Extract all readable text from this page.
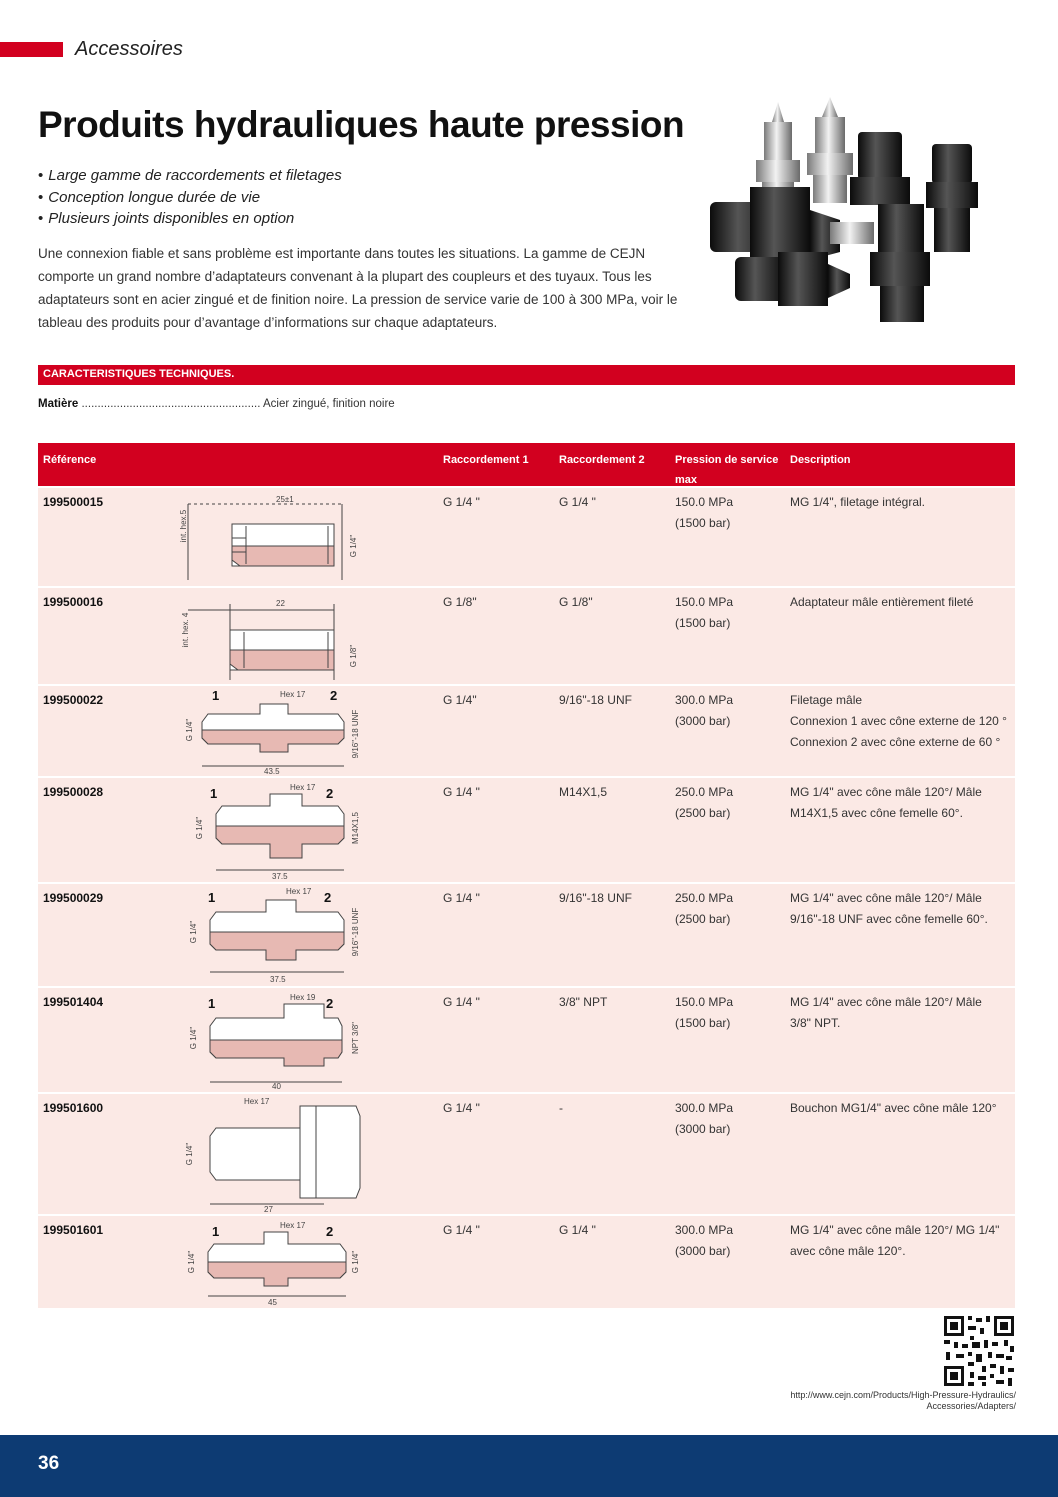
Accessoires
Produits hydrauliques haute pression
• Large gamme de raccordements et filetages
• Conception longue durée de vie
• Plusieurs joints disponibles en option

Une connexion fiable et sans problème est importante dans toutes les situations. La gamme de CEJN comporte un grand nombre d’adaptateurs convenant à la plupart des coupleurs et des tuyaux. Tous les adaptateurs sont en acier zingué et de finition noire. La pression de service varie de 100 à 300 MPa, voir le tableau des produits pour d’avantage d’informations sur chaque adaptateurs.

CARACTERISTIQUES TECHNIQUES.
Matière ........................................................ Acier zingué, finition noire
Référence	Raccordement 1	Raccordement 2	Pression de service max
Description
199500015
int. hex.5
25±1
G 1/4"
G 1/4 "	G 1/4 "	150.0 MPa
(1500 bar)
MG 1/4", filetage intégral.
199500016
int. hex. 4
22
G 1/8"
G 1/8"	G 1/8"	150.0 MPa
(1500 bar)
Adaptateur mâle entièrement fileté
199500022	1	2
Hex 17
G 1/4"	9/16"-18 UNF
43.5
G 1/4"	9/16"-18 UNF	300.0 MPa
(3000 bar)
Filetage mâle
Connexion 1 avec cône externe de 120 °
Connexion 2 avec cône externe de 60 °
199500028	1	2
Hex 17
G 1/4"	M14X1,5
37.5
G 1/4 "	M14X1,5	250.0 MPa
(2500 bar)
MG 1/4" avec cône mâle 120°/ Mâle
M14X1,5 avec cône femelle 60°.
199500029	1	2
Hex 17
G 1/4"	9/16"-18 UNF
37.5
G 1/4 "	9/16"-18 UNF	250.0 MPa
(2500 bar)
MG 1/4" avec cône mâle 120°/ Mâle
9/16"-18 UNF avec cône femelle 60°.
199501404	1	2
Hex 19
G 1/4"	NPT 3/8"
40
G 1/4 "	3/8" NPT	150.0 MPa
(1500 bar)
MG 1/4" avec cône mâle 120°/ Mâle
3/8" NPT.
199501600	Hex 17
G 1/4"
27
G 1/4 "	-	300.0 MPa
(3000 bar)
Bouchon MG1/4" avec cône mâle 120°
199501601	1	2
Hex 17
G 1/4"	G 1/4"
45
G 1/4 "	G 1/4 "	300.0 MPa
(3000 bar)
MG 1/4" avec cône mâle 120°/ MG 1/4"
avec cône mâle 120°.
http://www.cejn.com/Products/High-Pressure-Hydraulics/
Accessories/Adapters/
36
